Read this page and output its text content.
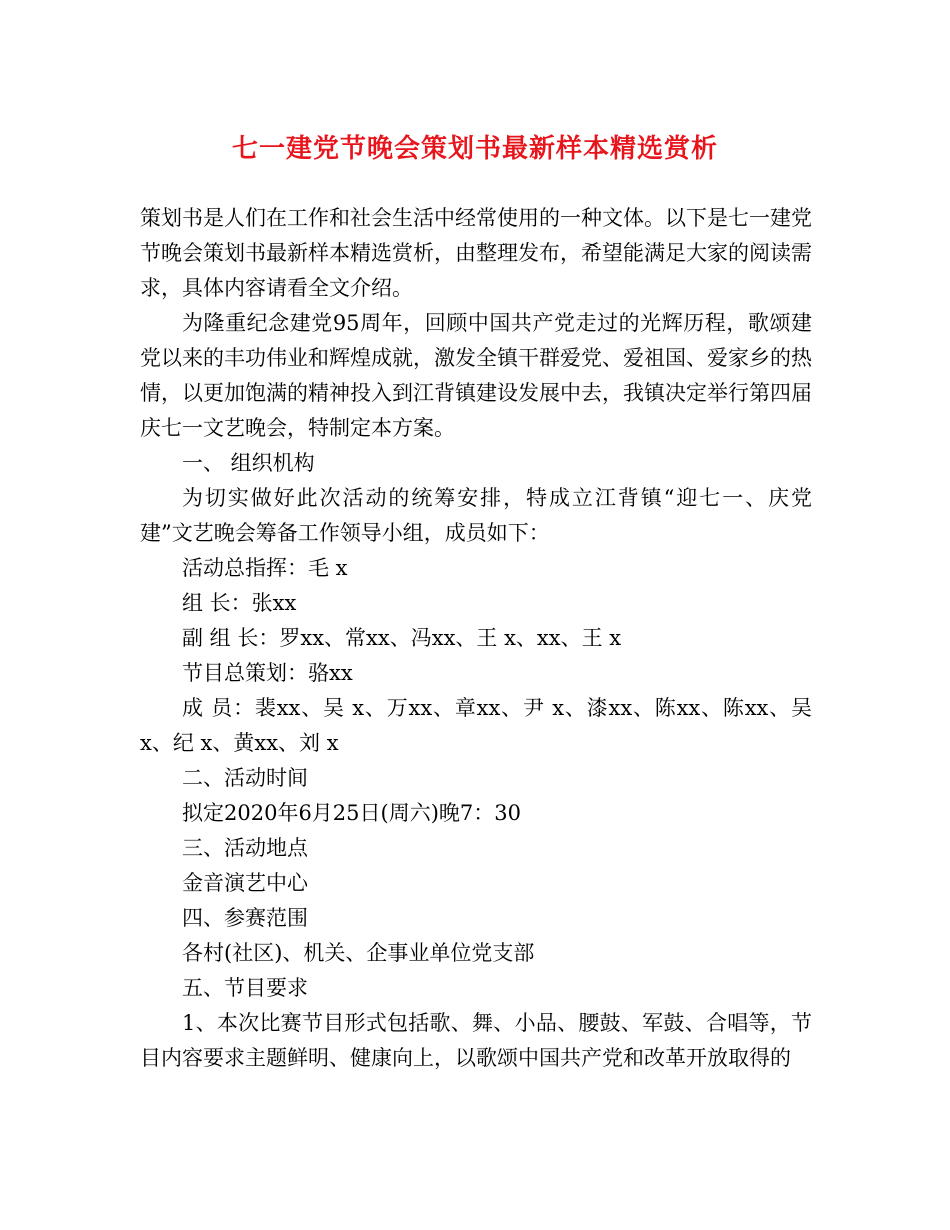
七一建党节晚会策划书最新样本精选赏析

策划书是人们在工作和社会生活中经常使用的一种文体。以下是七一建党节晚会策划书最新样本精选赏析，由整理发布，希望能满足大家的阅读需求，具体内容请看全文介绍。

为隆重纪念建党95周年，回顾中国共产党走过的光辉历程，歌颂建党以来的丰功伟业和辉煌成就，激发全镇干群爱党、爱祖国、爱家乡的热情，以更加饱满的精神投入到江背镇建设发展中去，我镇决定举行第四届庆七一文艺晚会，特制定本方案。

一、 组织机构

为切实做好此次活动的统筹安排，特成立江背镇“迎七一、庆党建”文艺晚会筹备工作领导小组，成员如下：

活动总指挥：毛 x

组 长：张xx

副 组 长：罗xx、常xx、冯xx、王 x、xx、王 x

节目总策划：骆xx

成 员：裴xx、吴 x、万xx、章xx、尹 x、漆xx、陈xx、陈xx、吴 x、纪 x、黄xx、刘 x

二、活动时间

拟定2020年6月25日(周六)晚7：30

三、活动地点

金音演艺中心

四、参赛范围

各村(社区)、机关、企事业单位党支部

五、节目要求

1、本次比赛节目形式包括歌、舞、小品、腰鼓、军鼓、合唱等，节目内容要求主题鲜明、健康向上，以歌颂中国共产党和改革开放取得的
